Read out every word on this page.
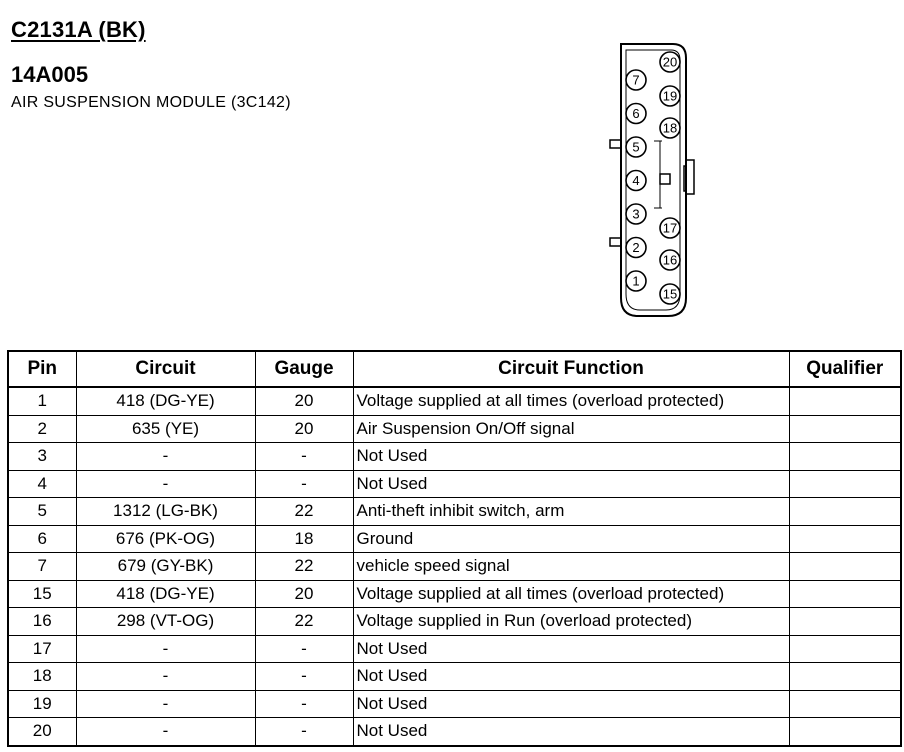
C2131A (BK)
14A005

AIR SUSPENSION MODULE (3C142)

7
6
5
4
3
2
1
20
19
18
17
16
15
Pin	Circuit	Gauge	Circuit Function	Qualifier
1	418 (DG-YE)	20	Voltage supplied at all times (overload protected)	
2	635 (YE)	20	Air Suspension On/Off signal	
3	-	-	Not Used	
4	-	-	Not Used	
5	1312 (LG-BK)	22	Anti-theft inhibit switch, arm	
6	676 (PK-OG)	18	Ground	
7	679 (GY-BK)	22	vehicle speed signal	
15	418 (DG-YE)	20	Voltage supplied at all times (overload protected)	
16	298 (VT-OG)	22	Voltage supplied in Run (overload protected)	
17	-	-	Not Used	
18	-	-	Not Used	
19	-	-	Not Used	
20	-	-	Not Used	
